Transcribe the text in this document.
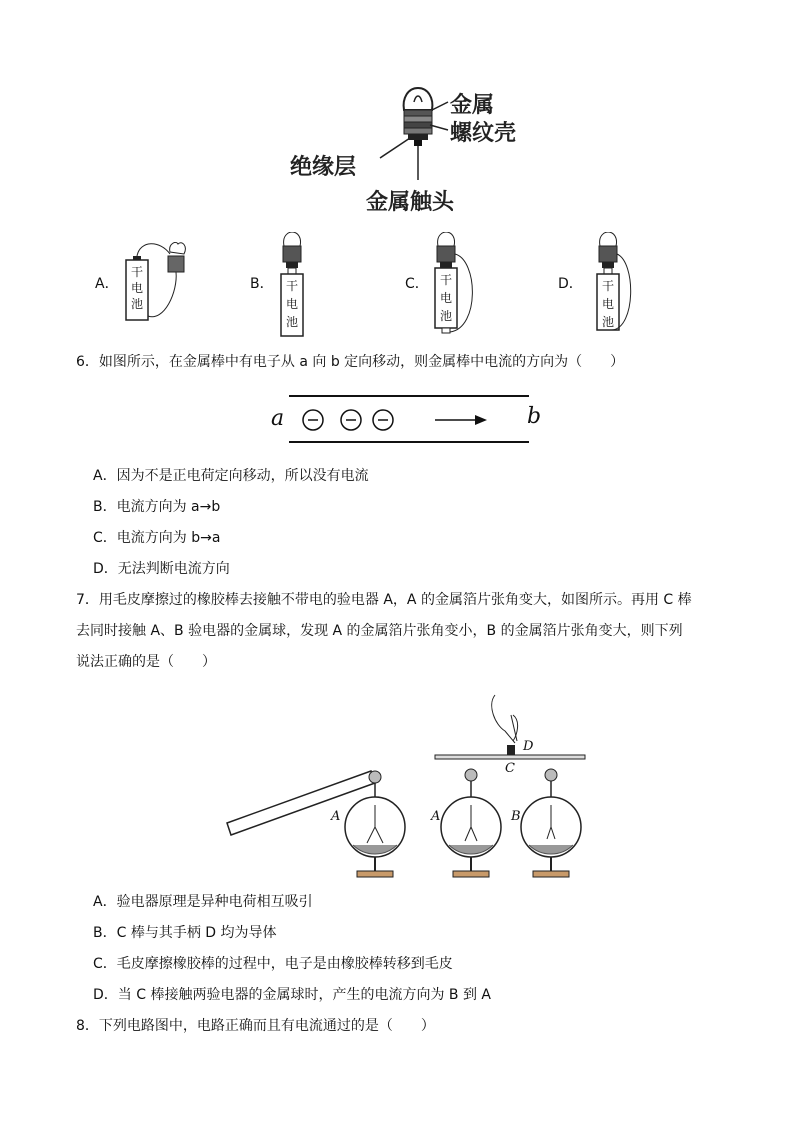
金属
螺纹壳
绝缘层
金属触头
A．
干
电
池
B． 干
电
池
C． 干
电
池
D． 干
电
池
6．如图所示，在金属棒中有电子从 a 向 b 定向移动，则金属棒中电流的方向为（　　）
a	b
A．因为不是正电荷定向移动，所以没有电流
B．电流方向为 a→b
C．电流方向为 b→a
D．无法判断电流方向
7．用毛皮摩擦过的橡胶棒去接触不带电的验电器 A，A 的金属箔片张角变大，如图所示。再用 C 棒
去同时接触 A、B 验电器的金属球，发现 A 的金属箔片张角变小，B 的金属箔片张角变大，则下列
说法正确的是（　　）
A	A	B
C
D
A．验电器原理是异种电荷相互吸引
B．C 棒与其手柄 D 均为导体
C．毛皮摩擦橡胶棒的过程中，电子是由橡胶棒转移到毛皮
D．当 C 棒接触两验电器的金属球时，产生的电流方向为 B 到 A
8．下列电路图中，电路正确而且有电流通过的是（　　）
